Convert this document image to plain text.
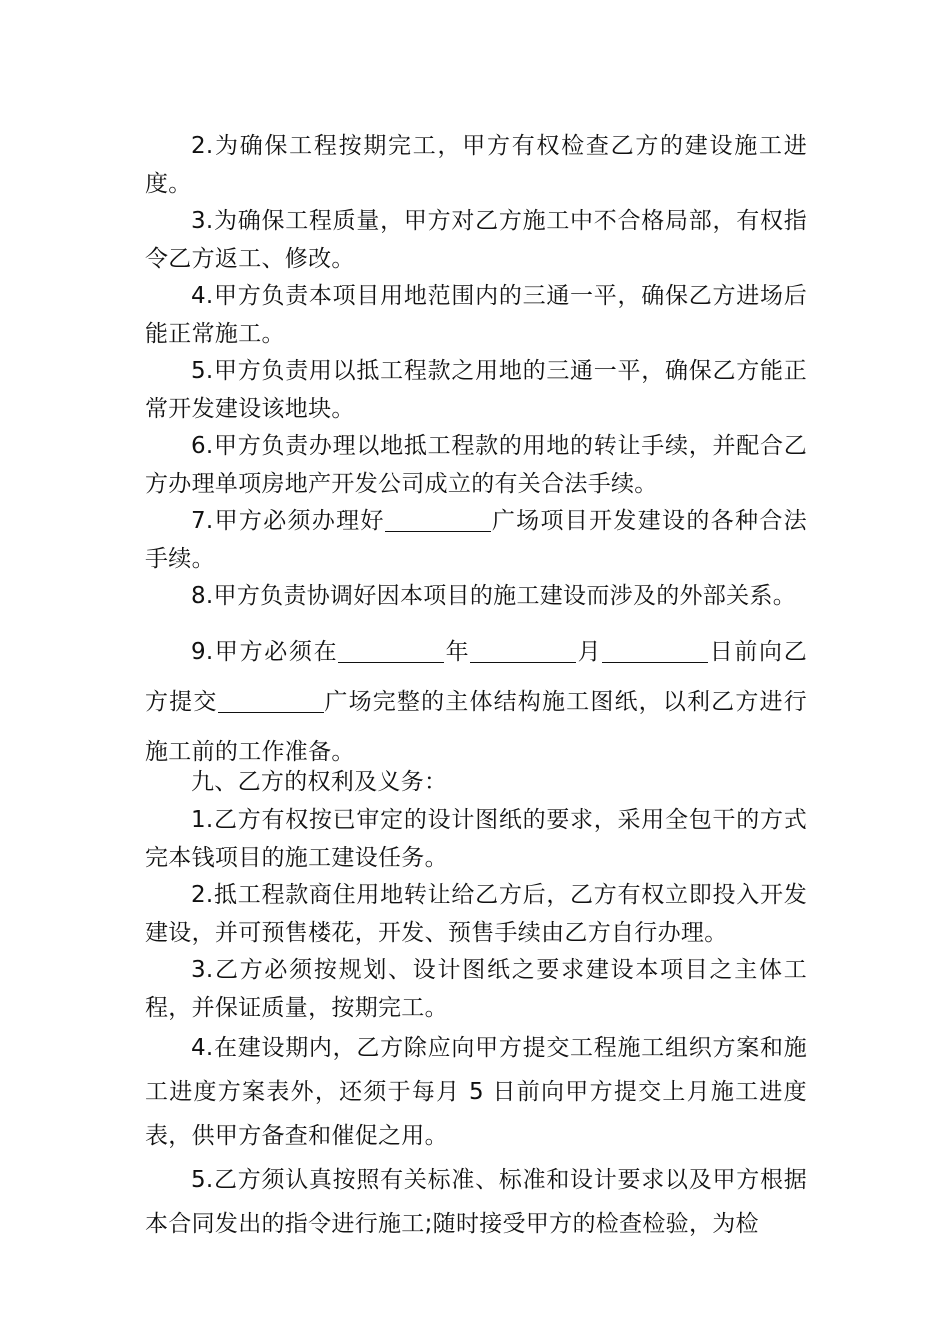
2.为确保工程按期完工，甲方有权检查乙方的建设施工进度。

3.为确保工程质量，甲方对乙方施工中不合格局部，有权指令乙方返工、修改。

4.甲方负责本项目用地范围内的三通一平，确保乙方进场后能正常施工。

5.甲方负责用以抵工程款之用地的三通一平，确保乙方能正常开发建设该地块。

6.甲方负责办理以地抵工程款的用地的转让手续，并配合乙方办理单项房地产开发公司成立的有关合法手续。

7.甲方必须办理好	广场项目开发建设的各种合法手续。

8.甲方负责协调好因本项目的施工建设而涉及的外部关系。

9.甲方必须在	年	月	日前向乙方提交	广场完整的主体结构施工图纸，以利乙方进行施工前的工作准备。

九、乙方的权利及义务：

1.乙方有权按已审定的设计图纸的要求，采用全包干的方式完本钱项目的施工建设任务。

2.抵工程款商住用地转让给乙方后，乙方有权立即投入开发建设，并可预售楼花，开发、预售手续由乙方自行办理。

3.乙方必须按规划、设计图纸之要求建设本项目之主体工程，并保证质量，按期完工。

4.在建设期内，乙方除应向甲方提交工程施工组织方案和施工进度方案表外，还须于每月 5 日前向甲方提交上月施工进度表，供甲方备查和催促之用。

5.乙方须认真按照有关标准、标准和设计要求以及甲方根据本合同发出的指令进行施工;随时接受甲方的检查检验，为检
